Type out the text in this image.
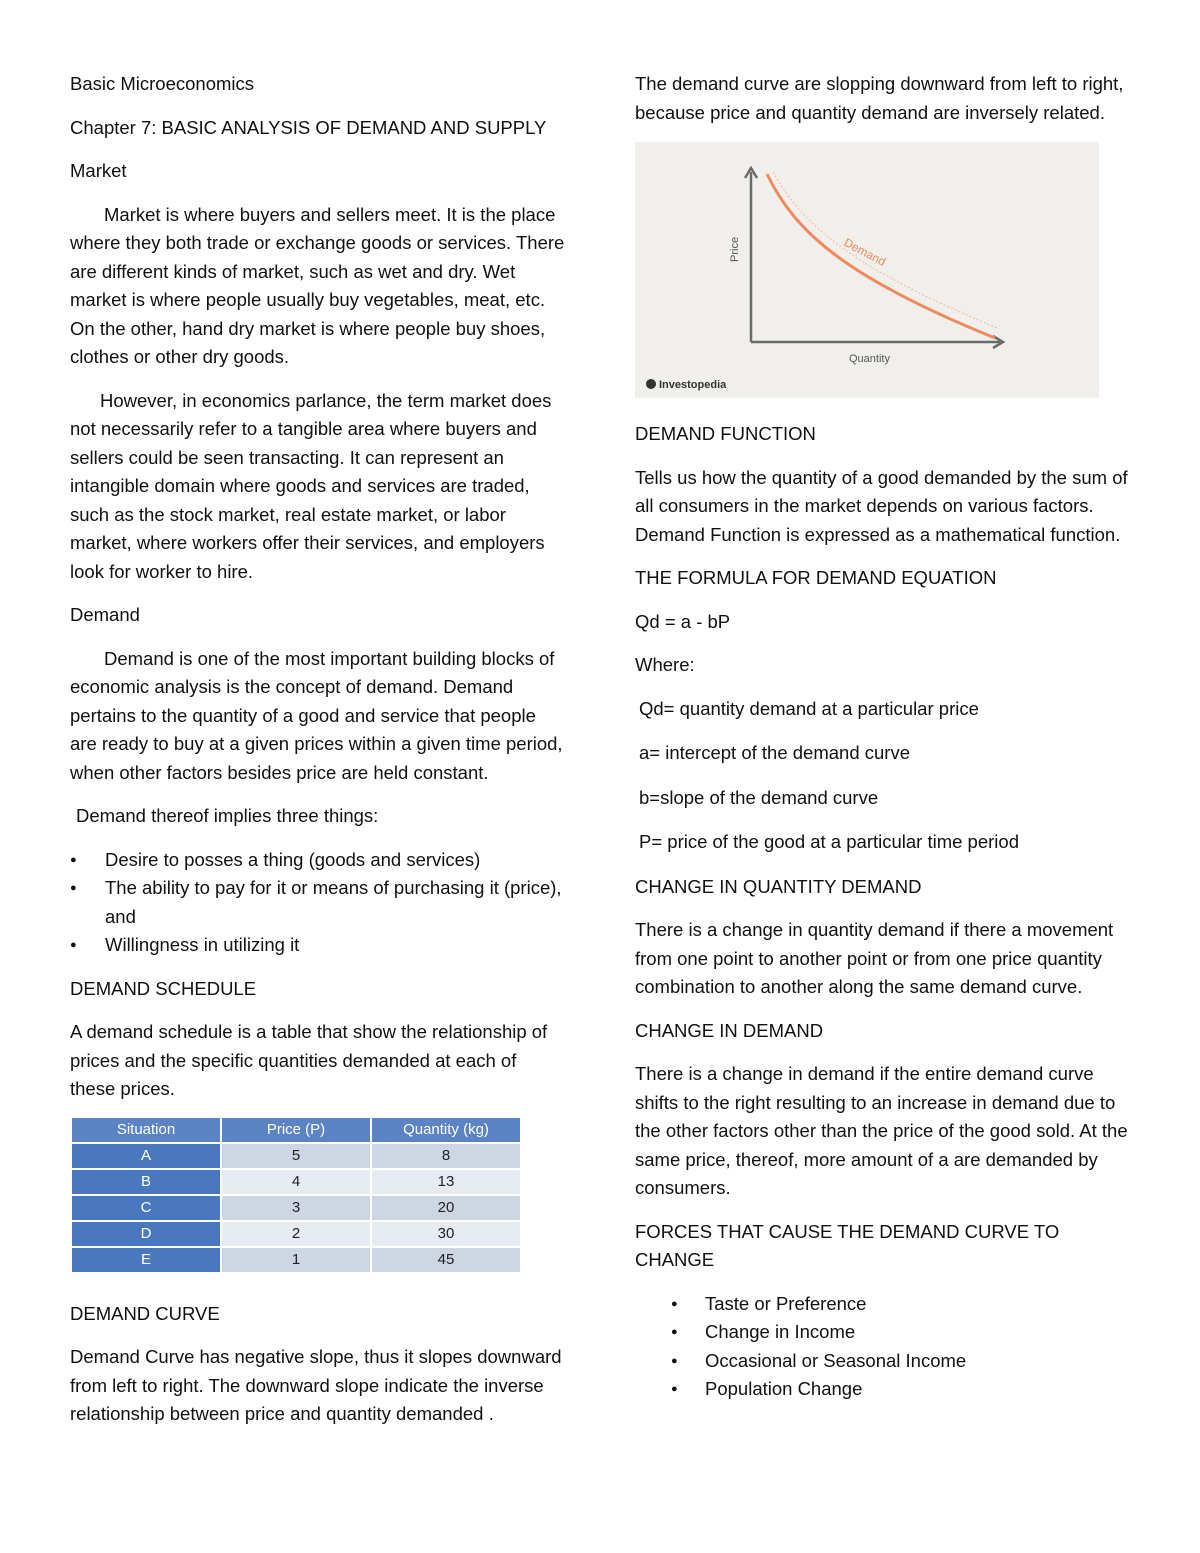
Basic Microeconomics

Chapter 7: BASIC ANALYSIS OF DEMAND AND SUPPLY

Market

Market is where buyers and sellers meet. It is the place where they both trade or exchange goods or services. There are different kinds of market, such as wet and dry. Wet market is where people usually buy vegetables, meat, etc. On the other, hand dry market is where people buy shoes, clothes or other dry goods.

However, in economics parlance, the term market does not necessarily refer to a tangible area where buyers and sellers could be seen transacting. It can represent an intangible domain where goods and services are traded, such as the stock market, real estate market, or labor market, where workers offer their services, and employers look for worker to hire.

Demand

Demand is one of the most important building blocks of economic analysis is the concept of demand. Demand pertains to the quantity of a good and service that people are ready to buy at a given prices within a given time period, when other factors besides price are held constant.

Demand thereof implies three things:

● Desire to posses a thing (goods and services)
● The ability to pay for it or means of purchasing it (price), and
● Willingness in utilizing it

DEMAND SCHEDULE

A demand schedule is a table that show the relationship of prices and the specific quantities demanded at each of these prices.

Situation	Price (P)	Quantity (kg)
A	5	8
B	4	13
C	3	20
D	2	30
E	1	45

DEMAND CURVE

Demand Curve has negative slope, thus it slopes downward from left to right. The downward slope indicate the inverse relationship between price and quantity demanded .

The demand curve are slopping downward from left to right, because price and quantity demand are inversely related.

Demand
Price
Quantity
Investopedia

DEMAND FUNCTION

Tells us how the quantity of a good demanded by the sum of all consumers in the market depends on various factors. Demand Function is expressed as a mathematical function.

THE FORMULA FOR DEMAND EQUATION

Qd = a - bP

Where:

Qd= quantity demand at a particular price

a= intercept of the demand curve

b=slope of the demand curve

P= price of the good at a particular time period

CHANGE IN QUANTITY DEMAND

There is a change in quantity demand if there a movement from one point to another point or from one price quantity combination to another along the same demand curve.

CHANGE IN DEMAND

There is a change in demand if the entire demand curve shifts to the right resulting to an increase in demand due to the other factors other than the price of the good sold. At the same price, thereof, more amount of a are demanded by consumers.

FORCES THAT CAUSE THE DEMAND CURVE TO CHANGE

● Taste or Preference
● Change in Income
● Occasional or Seasonal Income
● Population Change
